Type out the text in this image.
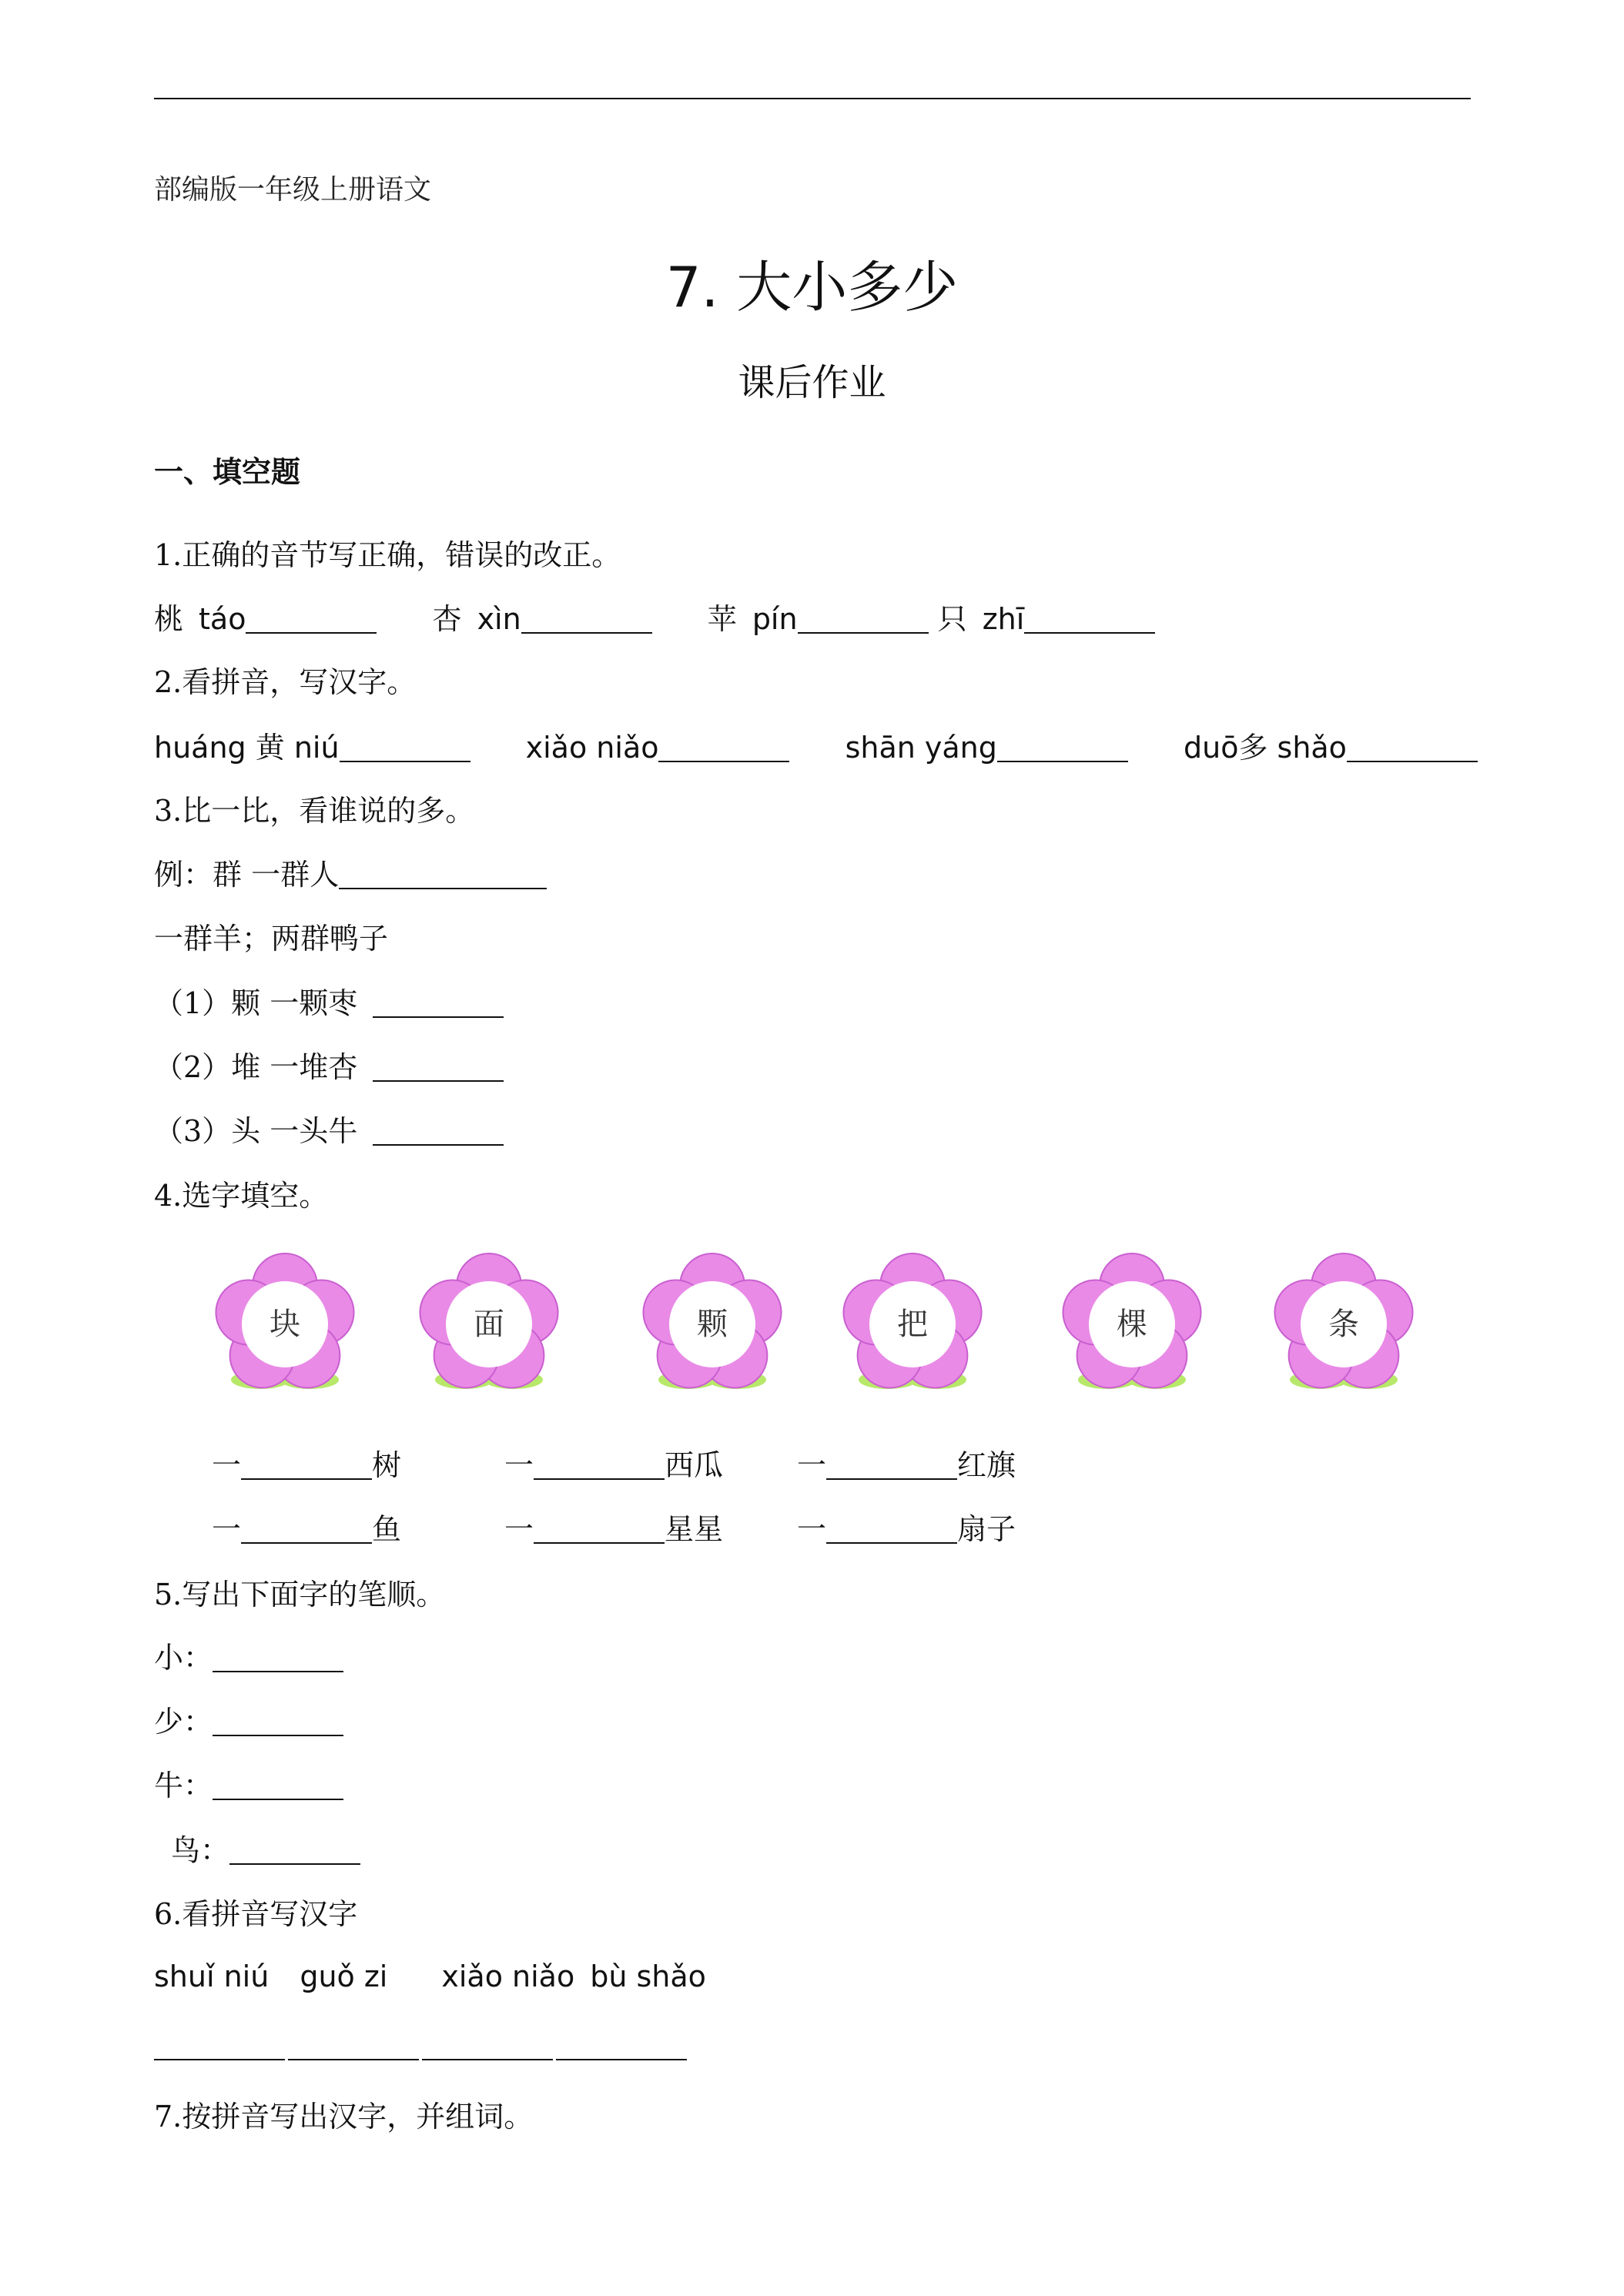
部编版一年级上册语文
7. 大小多少
课后作业
一、填空题
1.正确的音节写正确，错误的改正。
桃 táo	杏 xìn	苹 pín	只 zhī
2.看拼音，写汉字。
huáng 黄 niú	xiǎo niǎo	shān yáng	duō多 shǎo
3.比一比，看谁说的多。
例：群 一群人
一群羊；两群鸭子
（1）颗 一颗枣
（2）堆 一堆杏
（3）头 一头牛
4.选字填空。
块	面	颗	把	棵	条
一	树	一	西瓜	一	红旗
一	鱼	一	星星	一	扇子
5.写出下面字的笔顺。
小：
少：
牛：
鸟：
6.看拼音写汉字
shuǐ niú guǒ zi xiǎo niǎo bù shǎo
7.按拼音写出汉字，并组词。
